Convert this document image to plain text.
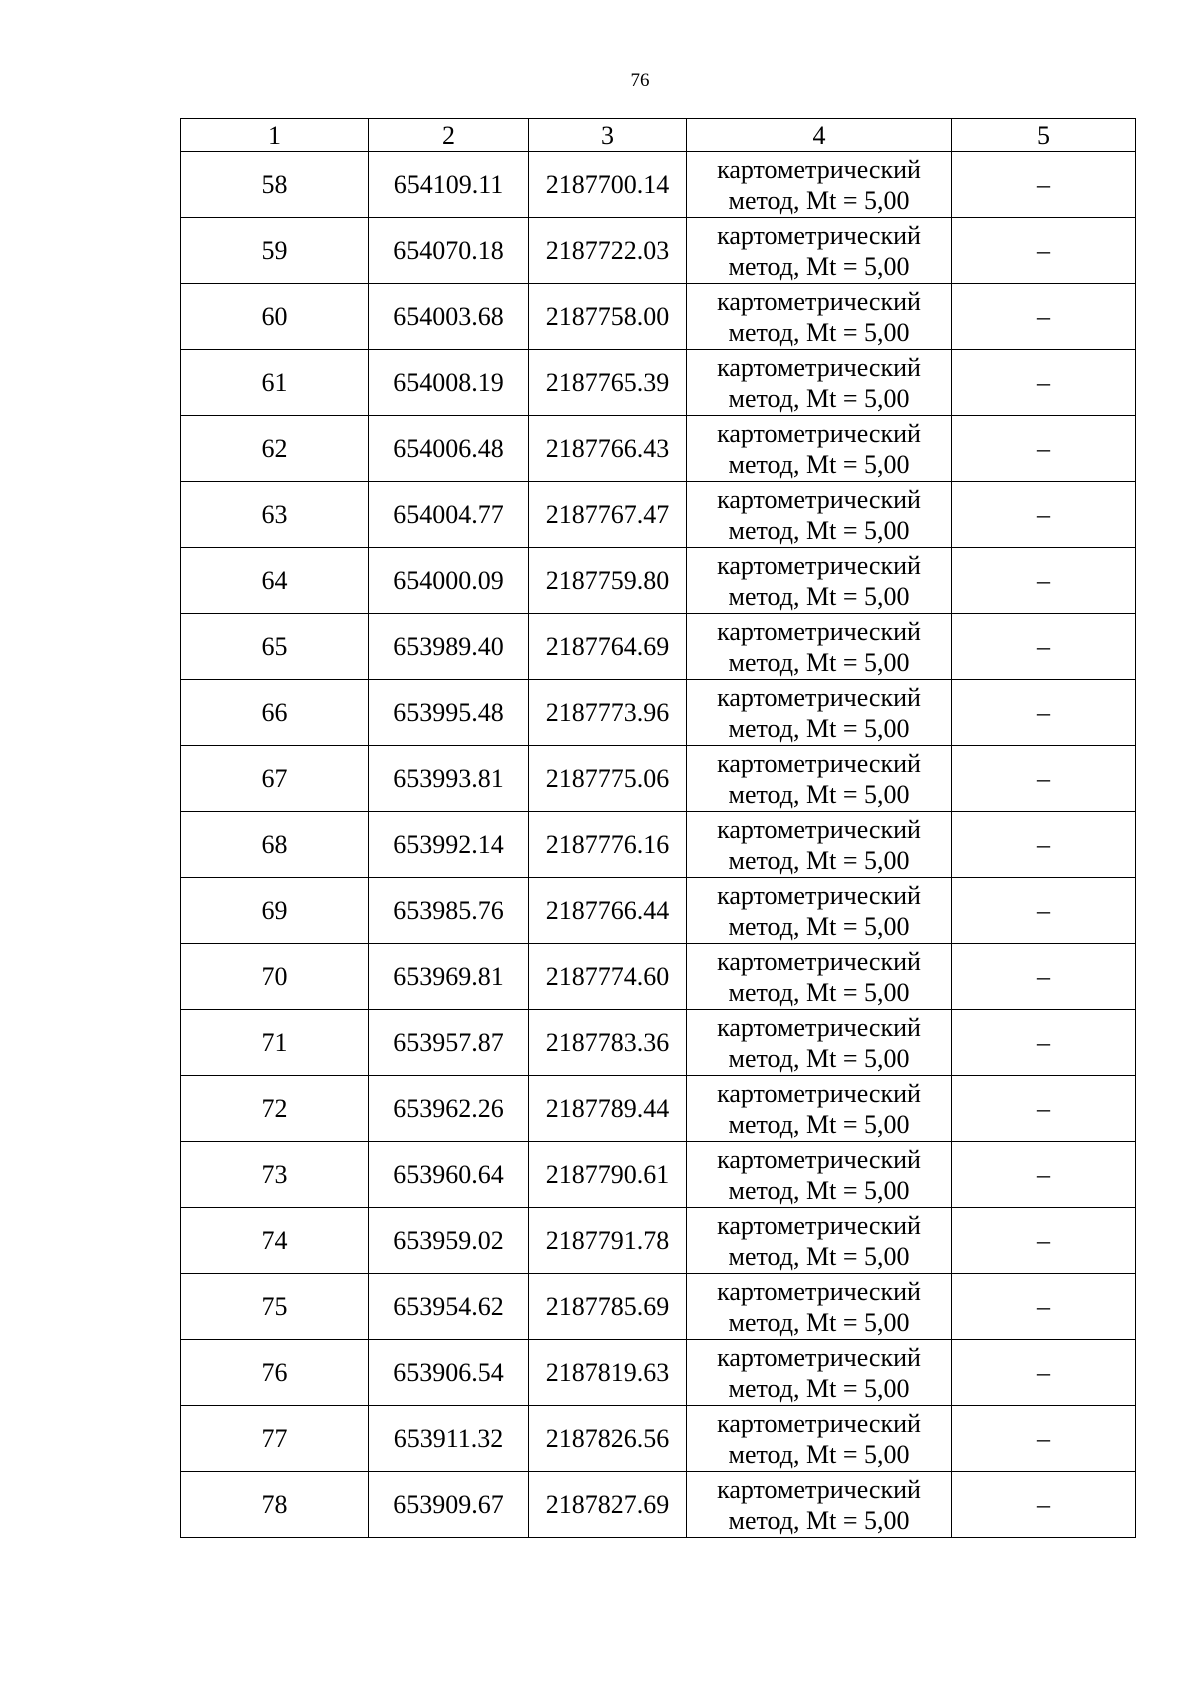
76
1	2	3	4	5
58	654109.11	2187700.14	картометрический
метод, Mt = 5,00	–
59	654070.18	2187722.03	картометрический
метод, Mt = 5,00	–
60	654003.68	2187758.00	картометрический
метод, Mt = 5,00	–
61	654008.19	2187765.39	картометрический
метод, Mt = 5,00	–
62	654006.48	2187766.43	картометрический
метод, Mt = 5,00	–
63	654004.77	2187767.47	картометрический
метод, Mt = 5,00	–
64	654000.09	2187759.80	картометрический
метод, Mt = 5,00	–
65	653989.40	2187764.69	картометрический
метод, Mt = 5,00	–
66	653995.48	2187773.96	картометрический
метод, Mt = 5,00	–
67	653993.81	2187775.06	картометрический
метод, Mt = 5,00	–
68	653992.14	2187776.16	картометрический
метод, Mt = 5,00	–
69	653985.76	2187766.44	картометрический
метод, Mt = 5,00	–
70	653969.81	2187774.60	картометрический
метод, Mt = 5,00	–
71	653957.87	2187783.36	картометрический
метод, Mt = 5,00	–
72	653962.26	2187789.44	картометрический
метод, Mt = 5,00	–
73	653960.64	2187790.61	картометрический
метод, Mt = 5,00	–
74	653959.02	2187791.78	картометрический
метод, Mt = 5,00	–
75	653954.62	2187785.69	картометрический
метод, Mt = 5,00	–
76	653906.54	2187819.63	картометрический
метод, Mt = 5,00	–
77	653911.32	2187826.56	картометрический
метод, Mt = 5,00	–
78	653909.67	2187827.69	картометрический
метод, Mt = 5,00	–
